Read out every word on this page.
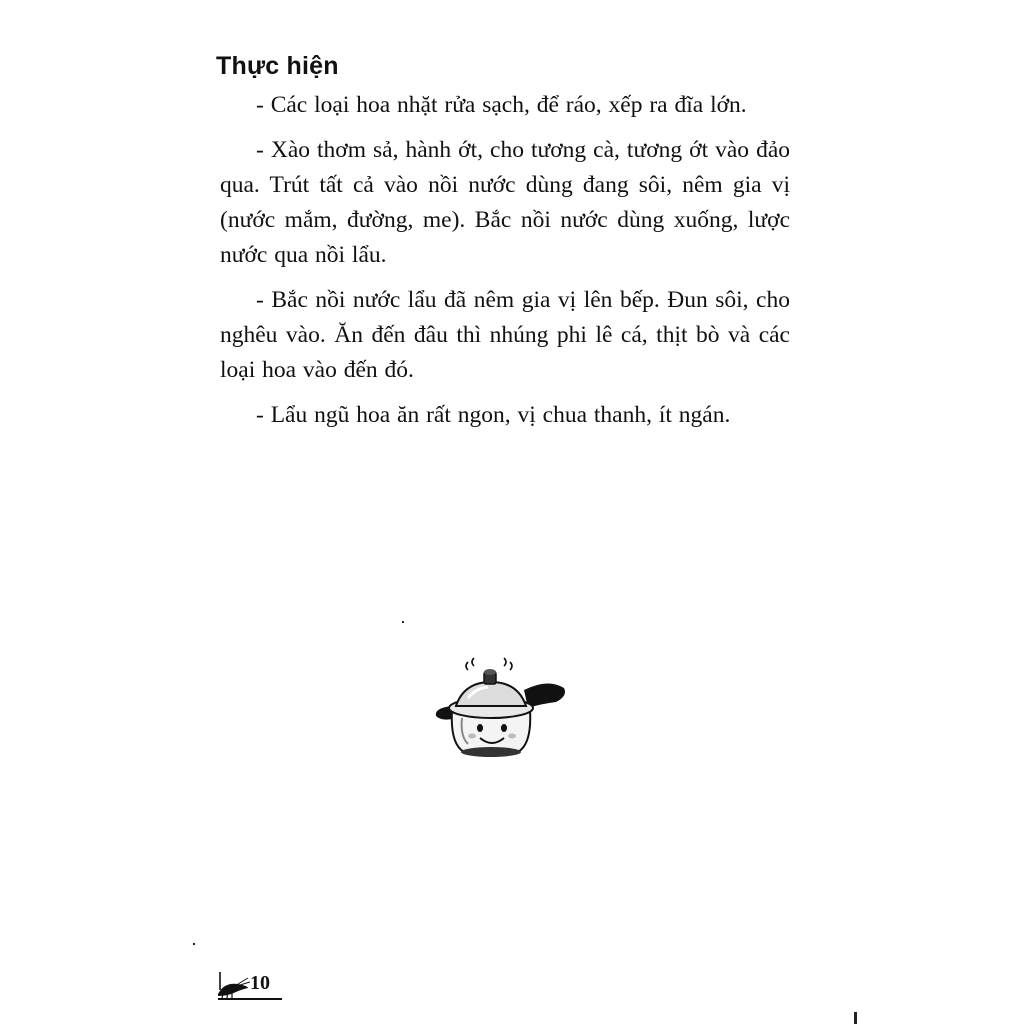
Thực hiện

- Các loại hoa nhặt rửa sạch, để ráo, xếp ra đĩa lớn.

- Xào thơm sả, hành ớt, cho tương cà, tương ớt vào đảo qua. Trút tất cả vào nồi nước dùng đang sôi, nêm gia vị (nước mắm, đường, me). Bắc nồi nước dùng xuống, lược nước qua nồi lẩu.

- Bắc nồi nước lẩu đã nêm gia vị lên bếp. Đun sôi, cho nghêu vào. Ăn đến đâu thì nhúng phi lê cá, thịt bò và các loại hoa vào đến đó.

- Lẩu ngũ hoa ăn rất ngon, vị chua thanh, ít ngán.

10
